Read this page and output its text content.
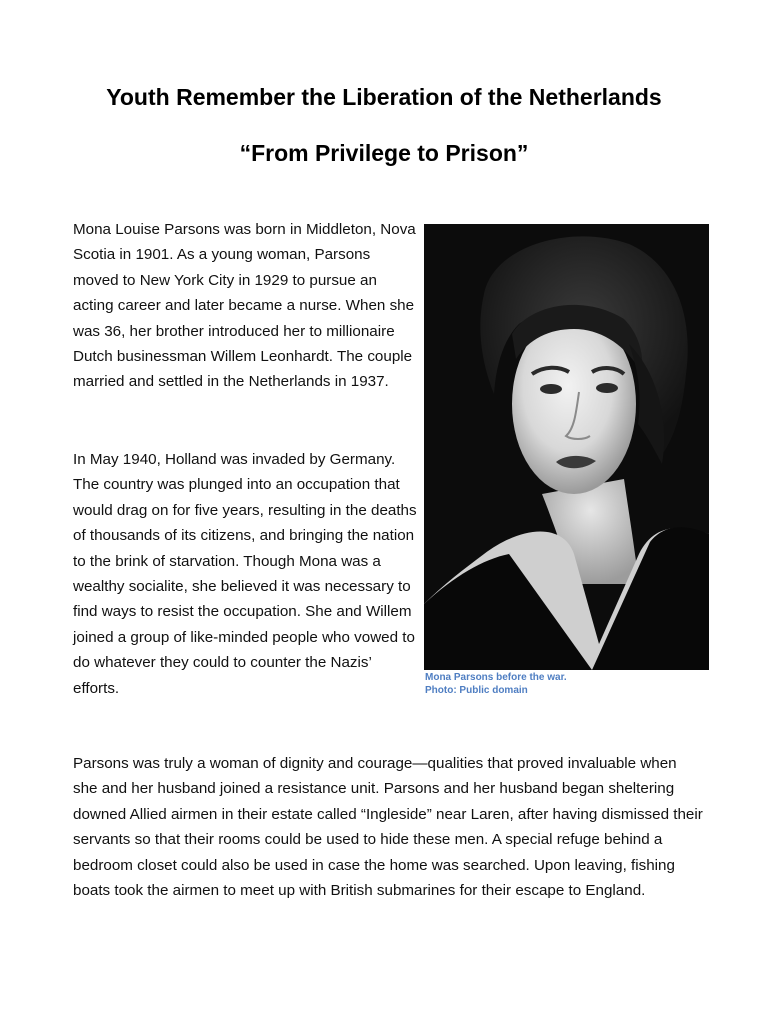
Youth Remember the Liberation of the Netherlands
“From Privilege to Prison”

Mona Louise Parsons was born in Middleton, Nova Scotia in 1901. As a young woman, Parsons moved to New York City in 1929 to pursue an acting career and later became a nurse. When she was 36, her brother introduced her to millionaire Dutch businessman Willem Leonhardt. The couple married and settled in the Netherlands in 1937.

In May 1940, Holland was invaded by Germany. The country was plunged into an occupation that would drag on for five years, resulting in the deaths of thousands of its citizens, and bringing the nation to the brink of starvation. Though Mona was a wealthy socialite, she believed it was necessary to find ways to resist the occupation. She and Willem joined a group of like-minded people who vowed to do whatever they could to counter the Nazis’ efforts.

Mona Parsons before the war.
Photo: Public domain

Parsons was truly a woman of dignity and courage—qualities that proved invaluable when she and her husband joined a resistance unit. Parsons and her husband began sheltering downed Allied airmen in their estate called “Ingleside” near Laren, after having dismissed their servants so that their rooms could be used to hide these men. A special refuge behind a bedroom closet could also be used in case the home was searched. Upon leaving, fishing boats took the airmen to meet up with British submarines for their escape to England.
